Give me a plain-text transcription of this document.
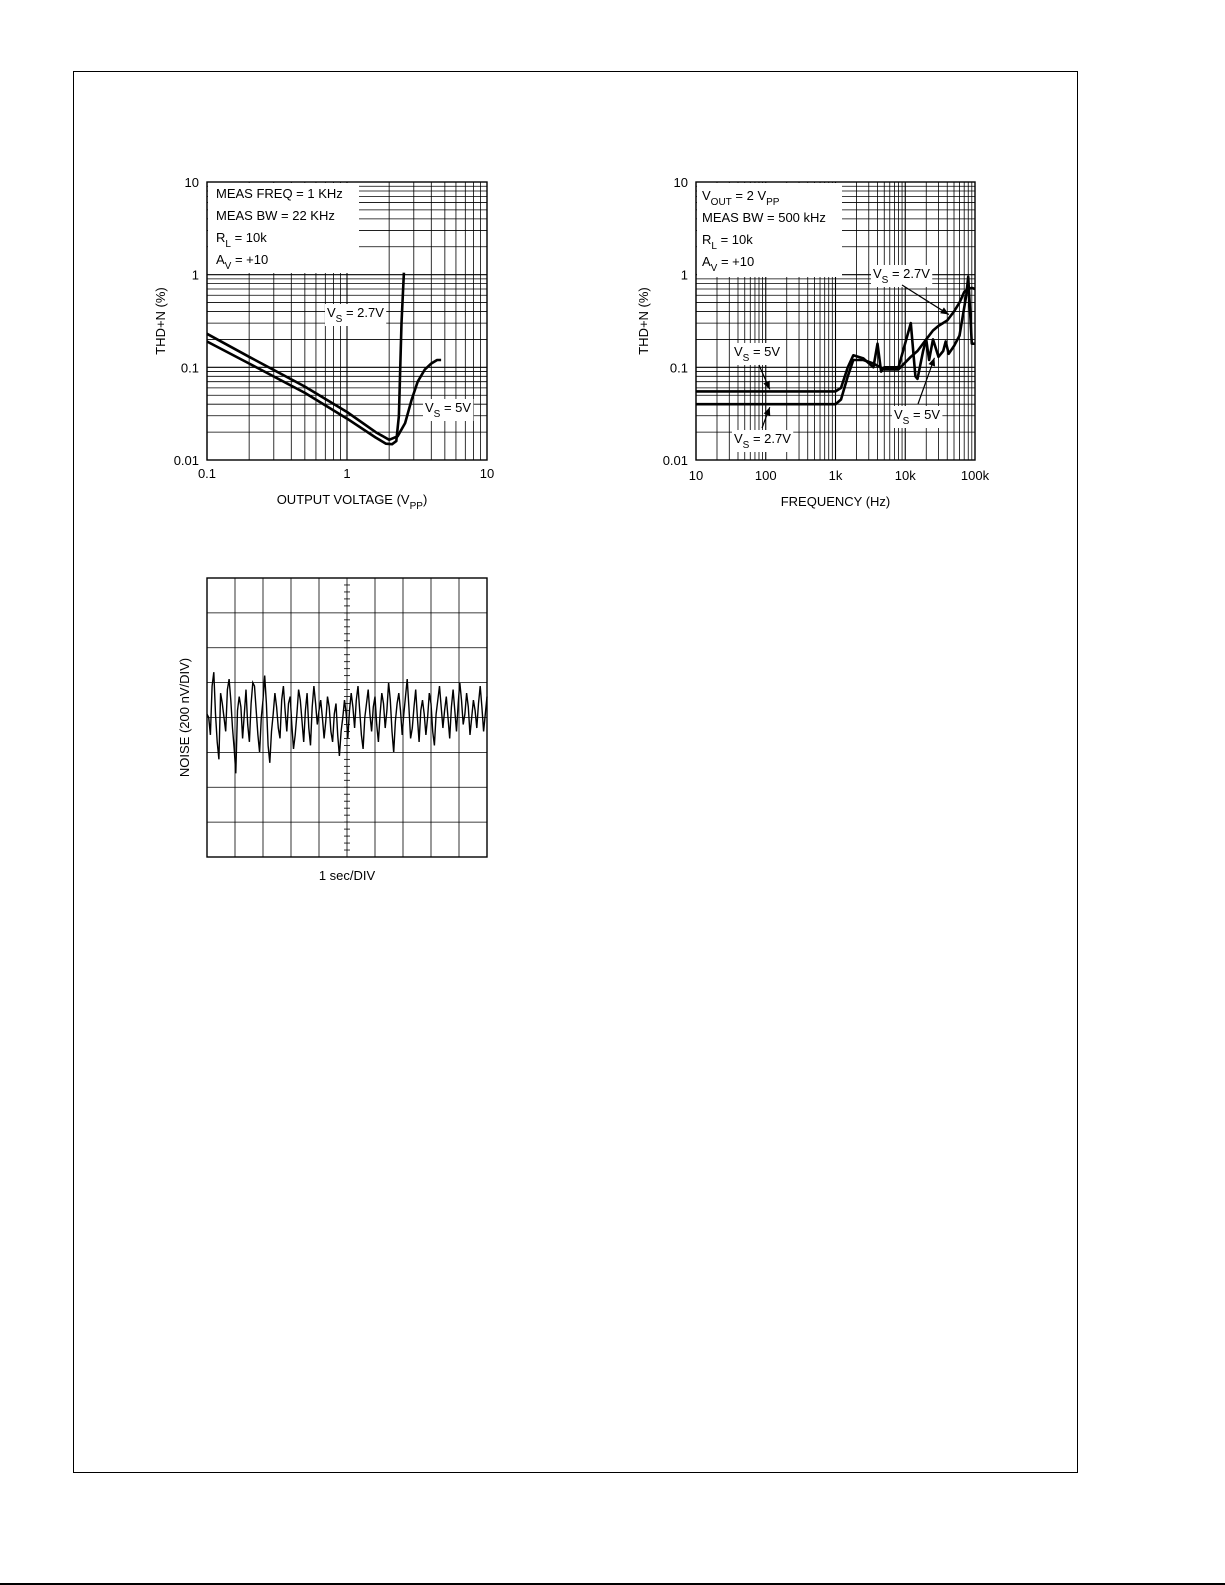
MEAS FREQ = 1 KHz
MEAS BW = 22 KHz
$R_L = 10k$
$A_V = +10$
$V_S = 2.7V$
$V_S = 5V$
0.1	1	10
0.01
0.1
1
10
THD+N (%)
OUTPUT VOLTAGE $(V_{PP})$
$V_{OUT} = 2$ $V_{PP}$
MEAS BW = 500 kHz
$R_L = 10k$
$A_V = +10$
$V_S = 2.7V$
$V_S = 5V$
$V_S = 2.7V$
$V_S = 5V$
10	100	1k	10k	100k
0.01
0.1
1
10
THD+N (%)
FREQUENCY (Hz)
NOISE (200 nV/DIV)
1 sec/DIV
